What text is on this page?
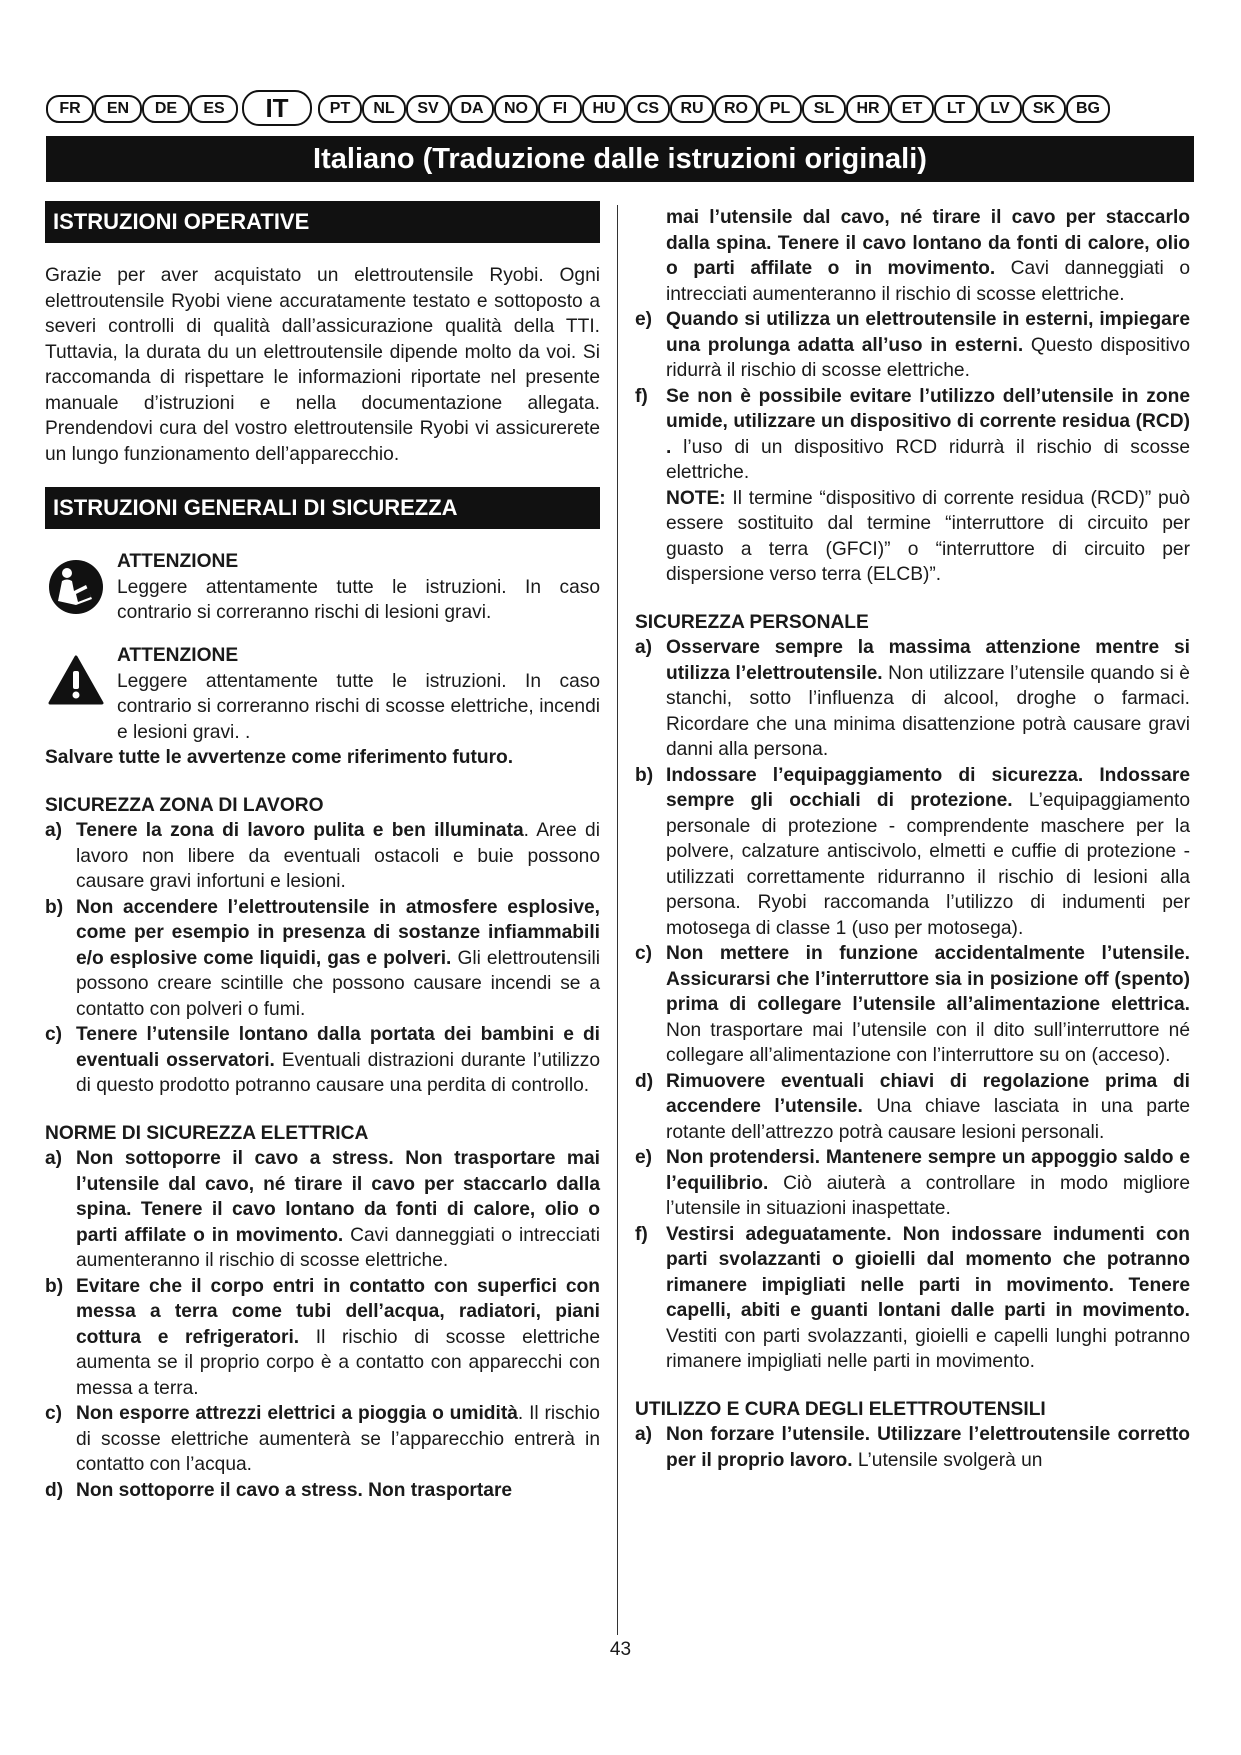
FR	EN	DE	ES	IT	PT	NL	SV	DA	NO	FI	HU	CS	RU	RO	PL	SL	HR	ET	LT	LV	SK	BG
Italiano (Traduzione dalle istruzioni originali)
ISTRUZIONI OPERATIVE

Grazie per aver acquistato un elettroutensile Ryobi. Ogni elettroutensile Ryobi viene accuratamente testato e sottoposto a severi controlli di qualità dall’assicurazione qualità della TTI. Tuttavia, la durata du un elettroutensile dipende molto da voi. Si raccomanda di rispettare le informazioni riportate nel presente manuale d’istruzioni e nella documentazione allegata. Prendendovi cura del vostro elettroutensile Ryobi vi assicurerete un lungo funzionamento dell’apparecchio.

ISTRUZIONI GENERALI DI SICUREZZA
ATTENZIONE
Leggere attentamente tutte le istruzioni. In caso contrario si correranno rischi di lesioni gravi.
ATTENZIONE
Leggere attentamente tutte le istruzioni. In caso contrario si correranno rischi di scosse elettriche, incendi e lesioni gravi. .
Salvare tutte le avvertenze come riferimento futuro.
SICUREZZA ZONA DI LAVORO
a) Tenere la zona di lavoro pulita e ben illuminata. Aree di lavoro non libere da eventuali ostacoli e buie possono causare gravi infortuni e lesioni.
b) Non accendere l’elettroutensile in atmosfere esplosive, come per esempio in presenza di sostanze infiammabili e/o esplosive come liquidi, gas e polveri. Gli elettroutensili possono creare scintille che possono causare incendi se a contatto con polveri o fumi.
c) Tenere l’utensile lontano dalla portata dei bambini e di eventuali osservatori. Eventuali distrazioni durante l’utilizzo di questo prodotto potranno causare una perdita di controllo.
NORME DI SICUREZZA ELETTRICA
a) Non sottoporre il cavo a stress. Non trasportare mai l’utensile dal cavo, né tirare il cavo per staccarlo dalla spina. Tenere il cavo lontano da fonti di calore, olio o parti affilate o in movimento. Cavi danneggiati o intrecciati aumenteranno il rischio di scosse elettriche.
b) Evitare che il corpo entri in contatto con superfici con messa a terra come tubi dell’acqua, radiatori, piani cottura e refrigeratori. Il rischio di scosse elettriche aumenta se il proprio corpo è a contatto con apparecchi con messa a terra.
c) Non esporre attrezzi elettrici a pioggia o umidità. Il rischio di scosse elettriche aumenterà se l’apparecchio entrerà in contatto con l’acqua.
d) Non sottoporre il cavo a stress. Non trasportare
mai l’utensile dal cavo, né tirare il cavo per staccarlo dalla spina. Tenere il cavo lontano da fonti di calore, olio o parti affilate o in movimento. Cavi danneggiati o intrecciati aumenteranno il rischio di scosse elettriche.
e) Quando si utilizza un elettroutensile in esterni, impiegare una prolunga adatta all’uso in esterni. Questo dispositivo ridurrà il rischio di scosse elettriche.
f) Se non è possibile evitare l’utilizzo dell’utensile in zone umide, utilizzare un dispositivo di corrente residua (RCD) . l’uso di un dispositivo RCD ridurrà il rischio di scosse elettriche.
NOTE: Il termine “dispositivo di corrente residua (RCD)” può essere sostituito dal termine “interruttore di circuito per guasto a terra (GFCI)” o “interruttore di circuito per dispersione verso terra (ELCB)”.
SICUREZZA PERSONALE
a) Osservare sempre la massima attenzione mentre si utilizza l’elettroutensile. Non utilizzare l’utensile quando si è stanchi, sotto l’influenza di alcool, droghe o farmaci. Ricordare che una minima disattenzione potrà causare gravi danni alla persona.
b) Indossare l’equipaggiamento di sicurezza. Indossare sempre gli occhiali di protezione. L’equipaggiamento personale di protezione - comprendente maschere per la polvere, calzature antiscivolo, elmetti e cuffie di protezione - utilizzati correttamente ridurranno il rischio di lesioni alla persona. Ryobi raccomanda l’utilizzo di indumenti per motosega di classe 1 (uso per motosega).
c) Non mettere in funzione accidentalmente l’utensile. Assicurarsi che l’interruttore sia in posizione off (spento) prima di collegare l’utensile all’alimentazione elettrica. Non trasportare mai l’utensile con il dito sull’interruttore né collegare all’alimentazione con l’interruttore su on (acceso).
d) Rimuovere eventuali chiavi di regolazione prima di accendere l’utensile. Una chiave lasciata in una parte rotante dell’attrezzo potrà causare lesioni personali.
e) Non protendersi. Mantenere sempre un appoggio saldo e l’equilibrio. Ciò aiuterà a controllare in modo migliore l’utensile in situazioni inaspettate.
f) Vestirsi adeguatamente. Non indossare indumenti con parti svolazzanti o gioielli dal momento che potranno rimanere impigliati nelle parti in movimento. Tenere capelli, abiti e guanti lontani dalle parti in movimento. Vestiti con parti svolazzanti, gioielli e capelli lunghi potranno rimanere impigliati nelle parti in movimento.
UTILIZZO E CURA DEGLI ELETTROUTENSILI
a) Non forzare l’utensile. Utilizzare l’elettroutensile corretto per il proprio lavoro. L’utensile svolgerà un
43
